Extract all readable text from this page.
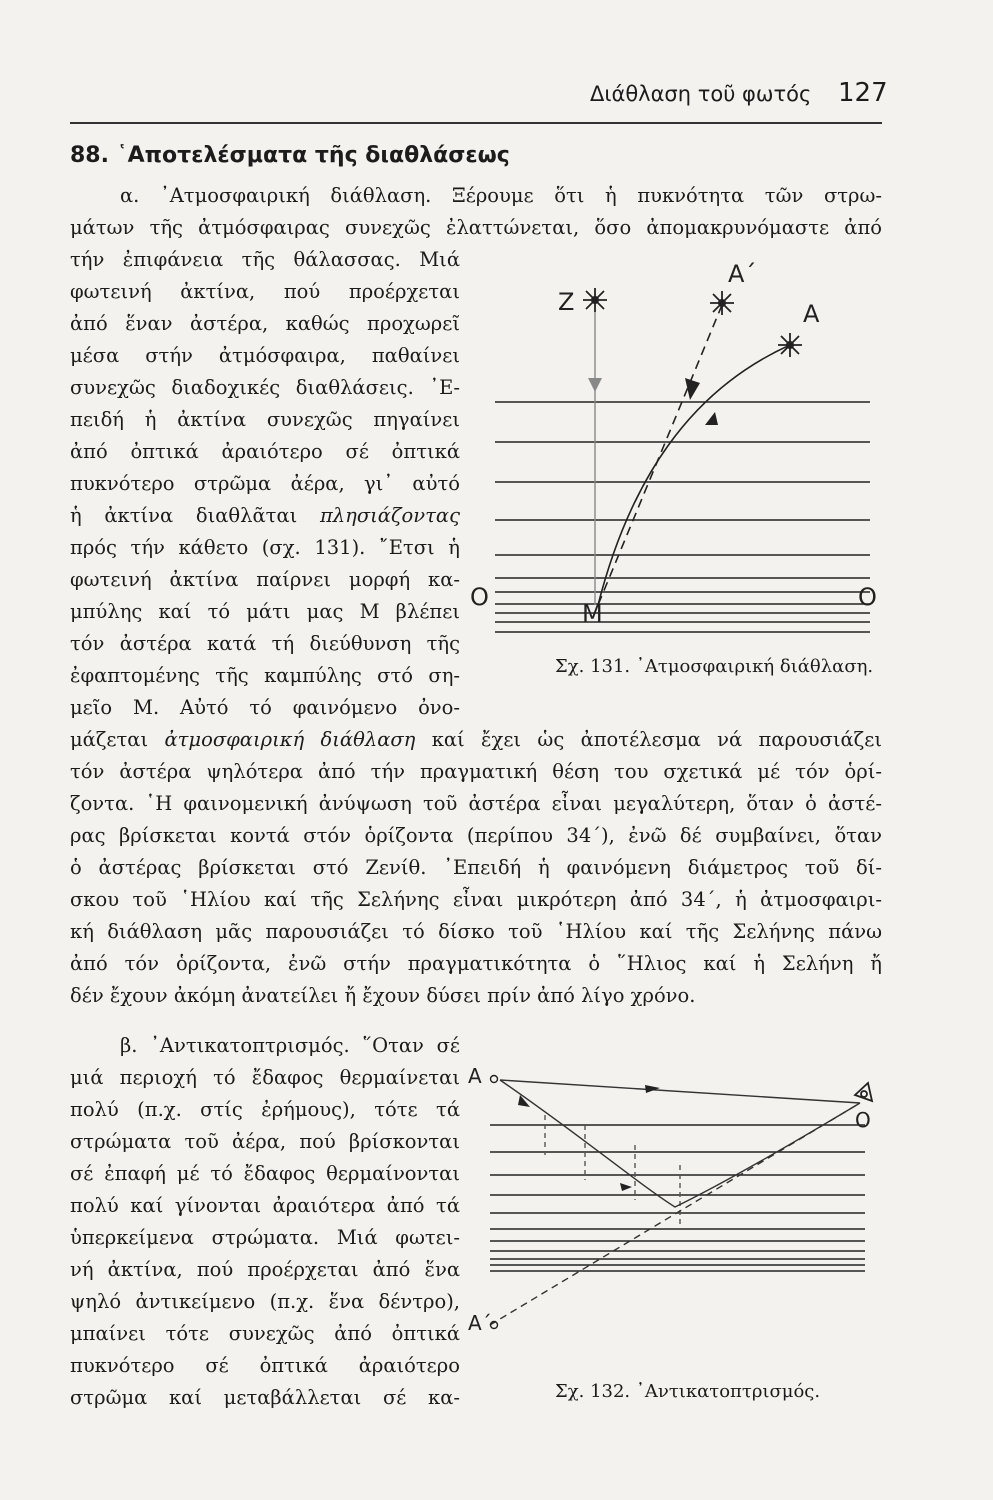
Διάθλαση τοῦ φωτός 127
88. ῾Αποτελέσματα τῆς διαθλάσεως
α. ᾿Ατμοσφαιρική διάθλαση. Ξέρουμε ὅτι ἡ πυκνότητα τῶν στρω-
μάτων τῆς ἀτμόσφαιρας συνεχῶς ἐλαττώνεται, ὅσο ἀπομακρυνόμαστε ἀπό
τήν ἐπιφάνεια τῆς θάλασσας. Μιά
φωτεινή ἀκτίνα, πού προέρχεται
ἀπό ἕναν ἀστέρα, καθώς προχωρεῖ
μέσα στήν ἀτμόσφαιρα, παθαίνει
συνεχῶς διαδοχικές διαθλάσεις. ᾿Ε-
πειδή ἡ ἀκτίνα συνεχῶς πηγαίνει
ἀπό ὀπτικά ἀραιότερο σέ ὀπτικά
πυκνότερο στρῶμα ἀέρα, γι᾿ αὐτό
ἡ ἀκτίνα διαθλᾶται πλησιάζοντας
πρός τήν κάθετο (σχ. 131). ῎Ετσι ἡ
φωτεινή ἀκτίνα παίρνει μορφή κα-
μπύλης καί τό μάτι μας Μ βλέπει
τόν ἀστέρα κατά τή διεύθυνση τῆς
ἐφαπτομένης τῆς καμπύλης στό ση-
μεῖο Μ. Αὐτό τό φαινόμενο ὀνο-
μάζεται ἀτμοσφαιρική διάθλαση καί ἔχει ὡς ἀποτέλεσμα νά παρουσιάζει
τόν ἀστέρα ψηλότερα ἀπό τήν πραγματική θέση του σχετικά μέ τόν ὁρί-
ζοντα. ῾Η φαινομενική ἀνύψωση τοῦ ἀστέρα εἶναι μεγαλύτερη, ὅταν ὁ ἀστέ-
ρας βρίσκεται κοντά στόν ὁρίζοντα (περίπου 34΄), ἐνῶ δέ συμβαίνει, ὅταν
ὁ ἀστέρας βρίσκεται στό Ζενίθ. ᾿Επειδή ἡ φαινόμενη διάμετρος τοῦ δί-
σκου τοῦ ῾Ηλίου καί τῆς Σελήνης εἶναι μικρότερη ἀπό 34΄, ἡ ἀτμοσφαιρι-
κή διάθλαση μᾶς παρουσιάζει τό δίσκο τοῦ ῾Ηλίου καί τῆς Σελήνης πάνω
ἀπό τόν ὁρίζοντα, ἐνῶ στήν πραγματικότητα ὁ ῞Ηλιος καί ἡ Σελήνη ἤ
δέν ἔχουν ἀκόμη ἀνατείλει ἤ ἔχουν δύσει πρίν ἀπό λίγο χρόνο.
β. ᾿Αντικατοπτρισμός. ῞Οταν σέ
μιά περιοχή τό ἔδαφος θερμαίνεται
πολύ (π.χ. στίς ἐρήμους), τότε τά
στρώματα τοῦ ἀέρα, πού βρίσκονται
σέ ἐπαφή μέ τό ἔδαφος θερμαίνονται
πολύ καί γίνονται ἀραιότερα ἀπό τά
ὑπερκείμενα στρώματα. Μιά φωτει-
νή ἀκτίνα, πού προέρχεται ἀπό ἕνα
ψηλό ἀντικείμενο (π.χ. ἕνα δέντρο),
μπαίνει τότε συνεχῶς ἀπό ὀπτικά
πυκνότερο σέ ὀπτικά ἀραιότερο
στρῶμα καί μεταβάλλεται σέ κα-
Ζ
Α΄
Α
Μ
Ο	Ο
Σχ. 131. ᾿Ατμοσφαιρική διάθλαση.
Α
Α΄
Ο
Σχ. 132. ᾿Αντικατοπτρισμός.
